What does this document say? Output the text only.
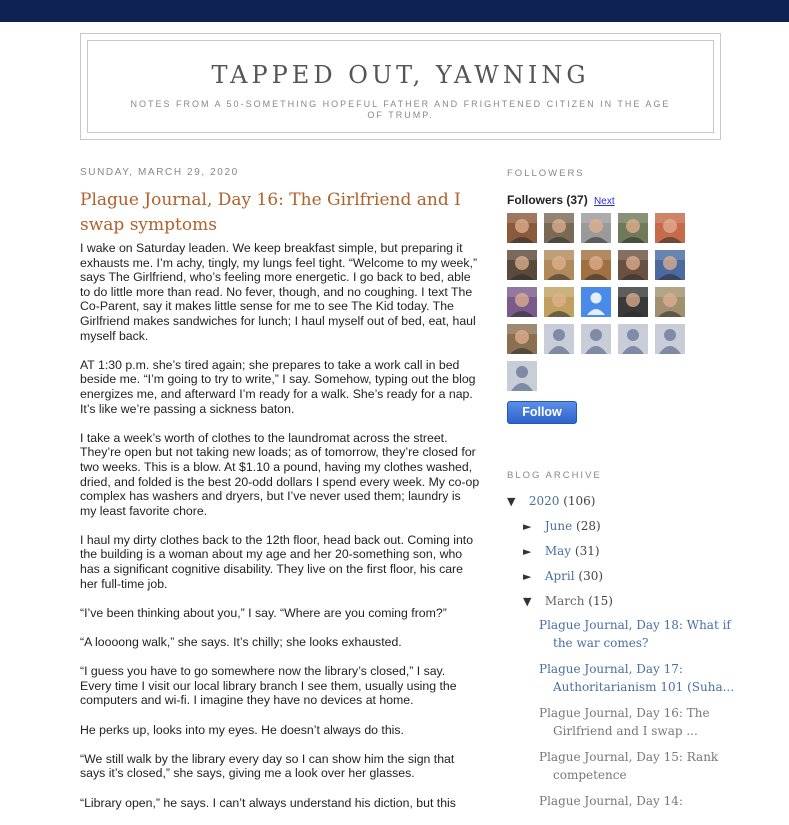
TAPPED OUT, YAWNING
NOTES FROM A 50-SOMETHING HOPEFUL FATHER AND FRIGHTENED CITIZEN IN THE AGE OF TRUMP.
SUNDAY, MARCH 29, 2020
Plague Journal, Day 16: The Girlfriend and I swap symptoms

I wake on Saturday leaden. We keep breakfast simple, but preparing it exhausts me. I’m achy, tingly, my lungs feel tight. “Welcome to my week,” says The Girlfriend, who’s feeling more energetic. I go back to bed, able to do little more than read. No fever, though, and no coughing. I text The Co-Parent, say it makes little sense for me to see The Kid today. The Girlfriend makes sandwiches for lunch; I haul myself out of bed, eat, haul myself back.

AT 1:30 p.m. she’s tired again; she prepares to take a work call in bed beside me. “I’m going to try to write,” I say. Somehow, typing out the blog energizes me, and afterward I’m ready for a walk. She’s ready for a nap. It’s like we’re passing a sickness baton.

I take a week’s worth of clothes to the laundromat across the street. They’re open but not taking new loads; as of tomorrow, they’re closed for two weeks. This is a blow. At $1.10 a pound, having my clothes washed, dried, and folded is the best 20-odd dollars I spend every week. My co-op complex has washers and dryers, but I’ve never used them; laundry is my least favorite chore.

I haul my dirty clothes back to the 12th floor, head back out. Coming into the building is a woman about my age and her 20-something son, who has a significant cognitive disability. They live on the first floor, his care her full-time job.

“I’ve been thinking about you,” I say. “Where are you coming from?”

“A loooong walk,” she says. It’s chilly; she looks exhausted.

“I guess you have to go somewhere now the library’s closed,” I say. Every time I visit our local library branch I see them, usually using the computers and wi-fi. I imagine they have no devices at home.

He perks up, looks into my eyes. He doesn’t always do this.

“We still walk by the library every day so I can show him the sign that says it’s closed,” she says, giving me a look over her glasses.

“Library open,” he says. I can’t always understand his diction, but this

FOLLOWERS
Followers (37) Next
Follow
BLOG ARCHIVE
▼ 2020 (106)
► June (28)
► May (31)
► April (30)
▼ March (15)
Plague Journal, Day 18: What if
the war comes?
Plague Journal, Day 17:
Authoritarianism 101 (Suha...
Plague Journal, Day 16: The
Girlfriend and I swap ...
Plague Journal, Day 15: Rank
competence
Plague Journal, Day 14:
